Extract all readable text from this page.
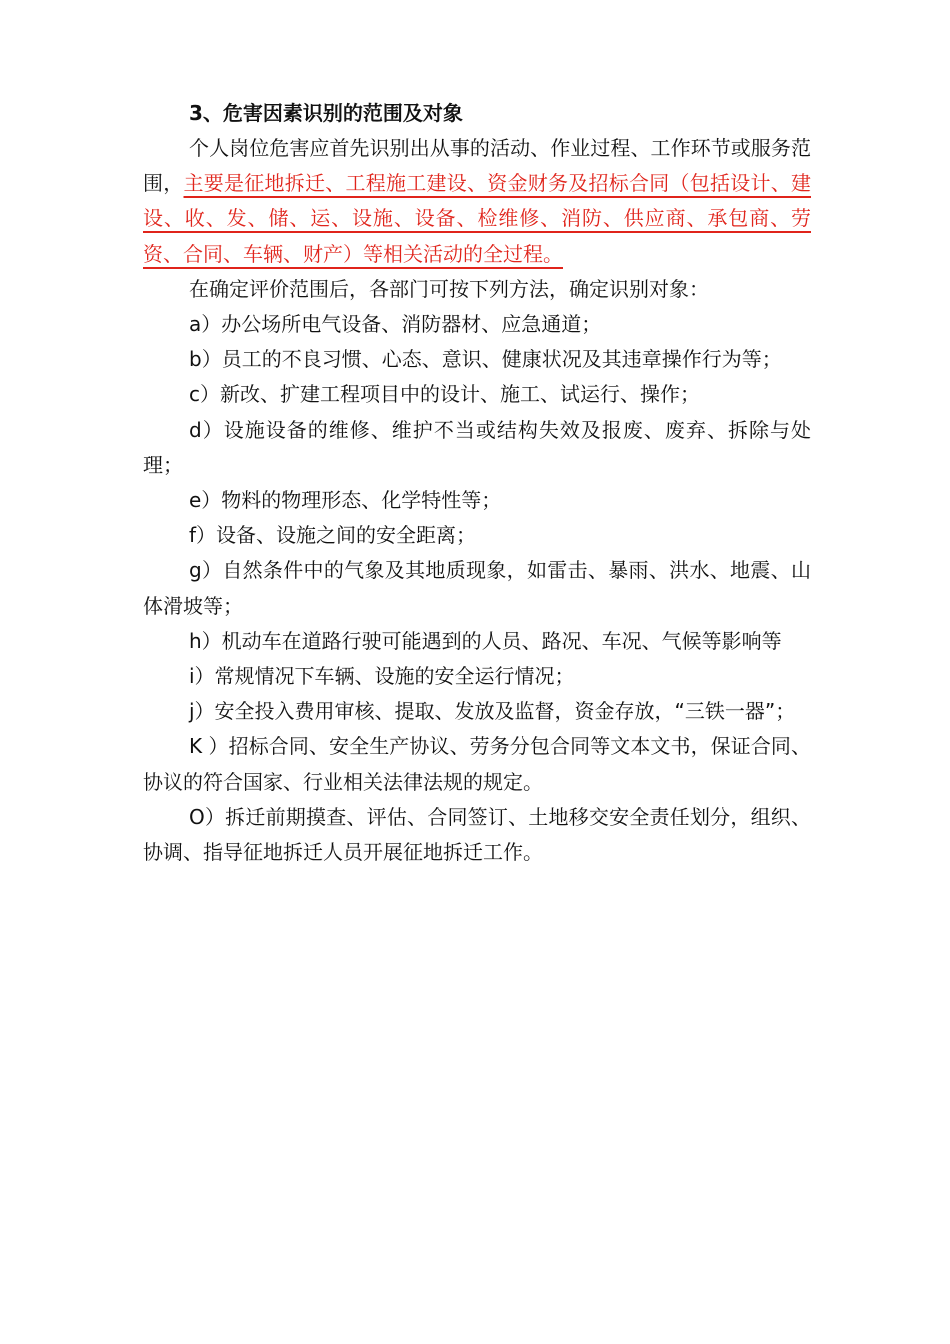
3、危害因素识别的范围及对象

个人岗位危害应首先识别出从事的活动、作业过程、工作环节或服务范围，主要是征地拆迁、工程施工建设、资金财务及招标合同（包括设计、建设、收、发、储、运、设施、设备、检维修、消防、供应商、承包商、劳资、合同、车辆、财产）等相关活动的全过程。

在确定评价范围后，各部门可按下列方法，确定识别对象：

a）办公场所电气设备、消防器材、应急通道；

b）员工的不良习惯、心态、意识、健康状况及其违章操作行为等；

c）新改、扩建工程项目中的设计、施工、试运行、操作；

d）设施设备的维修、维护不当或结构失效及报废、废弃、拆除与处理；

e）物料的物理形态、化学特性等；

f）设备、设施之间的安全距离；

g）自然条件中的气象及其地质现象，如雷击、暴雨、洪水、地震、山体滑坡等；

h）机动车在道路行驶可能遇到的人员、路况、车况、气候等影响等

i）常规情况下车辆、设施的安全运行情况；

j）安全投入费用审核、提取、发放及监督，资金存放，“三铁一器”；

K ）招标合同、安全生产协议、劳务分包合同等文本文书，保证合同、协议的符合国家、行业相关法律法规的规定。

O）拆迁前期摸查、评估、合同签订、土地移交安全责任划分，组织、协调、指导征地拆迁人员开展征地拆迁工作。
